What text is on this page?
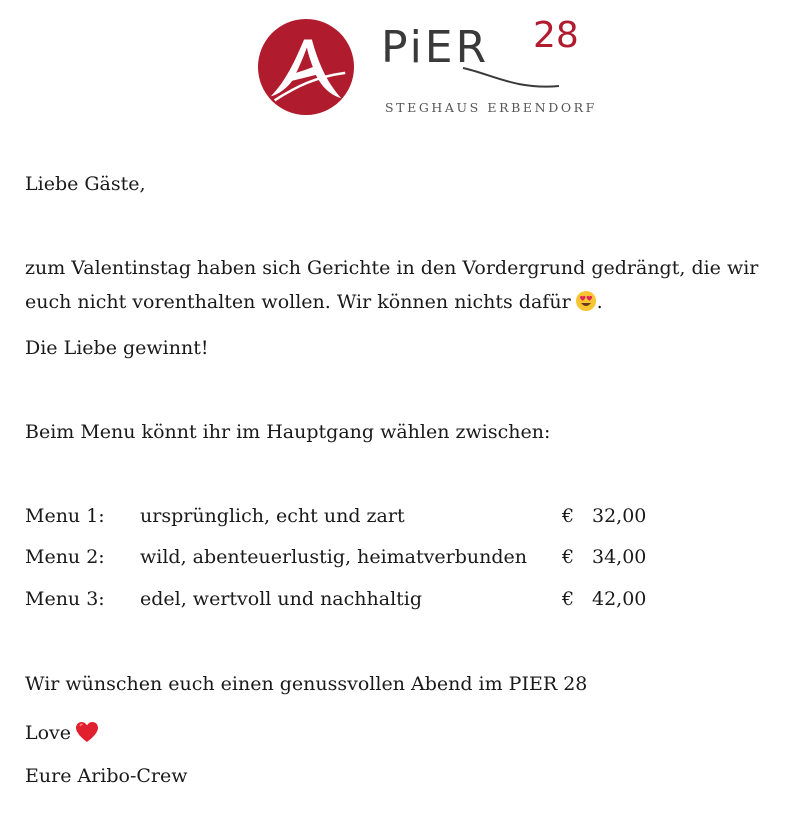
PiER 28
STEGHAUS ERBENDORF
Liebe Gäste,
zum Valentinstag haben sich Gerichte in den Vordergrund gedrängt, die wir
euch nicht vorenthalten wollen. Wir können nichts dafür .
Die Liebe gewinnt!
Beim Menu könnt ihr im Hauptgang wählen zwischen:
Menu 1: ursprünglich, echt und zart	€ 32,00
Menu 2: wild, abenteuerlustig, heimatverbunden € 34,00
Menu 3: edel, wertvoll und nachhaltig	€ 42,00
Wir wünschen euch einen genussvollen Abend im PIER 28
Love
Eure Aribo-Crew
